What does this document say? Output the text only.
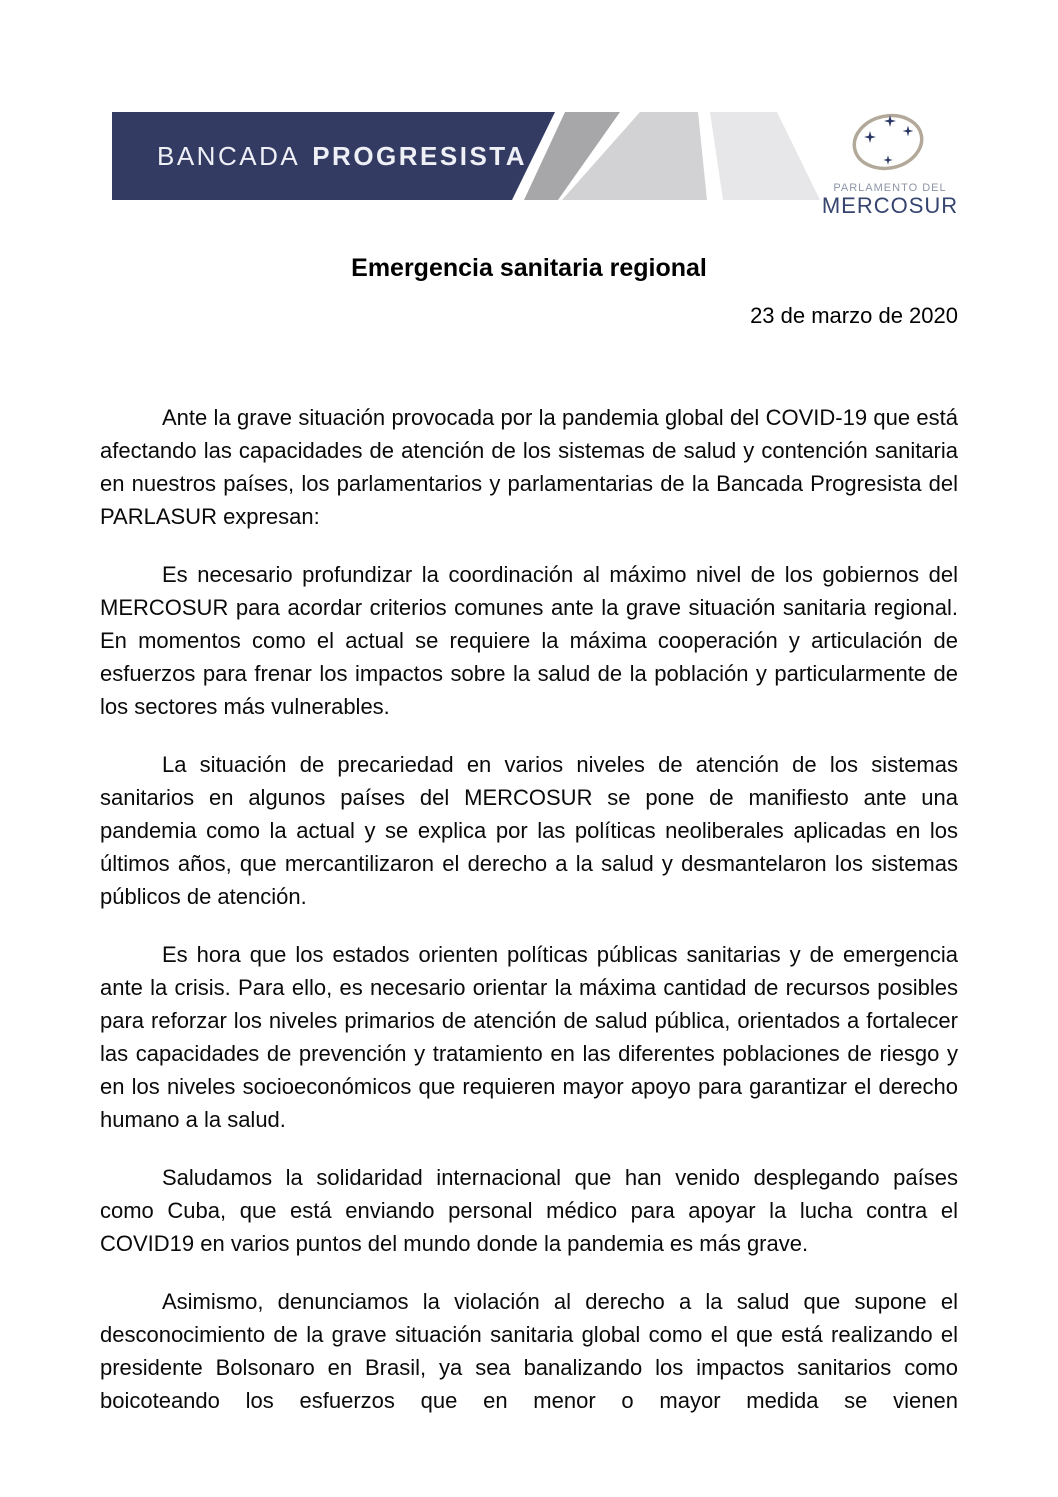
BANCADA PROGRESISTA
PARLAMENTO DEL
MERCOSUR
Emergencia sanitaria regional
23 de marzo de 2020

Ante la grave situación provocada por la pandemia global del COVID-19 que está afectando las capacidades de atención de los sistemas de salud y contención sanitaria en nuestros países, los parlamentarios y parlamentarias de la Bancada Progresista del PARLASUR expresan:

Es necesario profundizar la coordinación al máximo nivel de los gobiernos del MERCOSUR para acordar criterios comunes ante la grave situación sanitaria regional. En momentos como el actual se requiere la máxima cooperación y articulación de esfuerzos para frenar los impactos sobre la salud de la población y particularmente de los sectores más vulnerables.

La situación de precariedad en varios niveles de atención de los sistemas sanitarios en algunos países del MERCOSUR se pone de manifiesto ante una pandemia como la actual y se explica por las políticas neoliberales aplicadas en los últimos años, que mercantilizaron el derecho a la salud y desmantelaron los sistemas públicos de atención.

Es hora que los estados orienten políticas públicas sanitarias y de emergencia ante la crisis. Para ello, es necesario orientar la máxima cantidad de recursos posibles para reforzar los niveles primarios de atención de salud pública, orientados a fortalecer las capacidades de prevención y tratamiento en las diferentes poblaciones de riesgo y en los niveles socioeconómicos que requieren mayor apoyo para garantizar el derecho humano a la salud.

Saludamos la solidaridad internacional que han venido desplegando países como Cuba, que está enviando personal médico para apoyar la lucha contra el COVID19 en varios puntos del mundo donde la pandemia es más grave.

Asimismo, denunciamos la violación al derecho a la salud que supone el desconocimiento de la grave situación sanitaria global como el que está realizando el presidente Bolsonaro en Brasil, ya sea banalizando los impactos sanitarios como boicoteando los esfuerzos que en menor o mayor medida se vienen
